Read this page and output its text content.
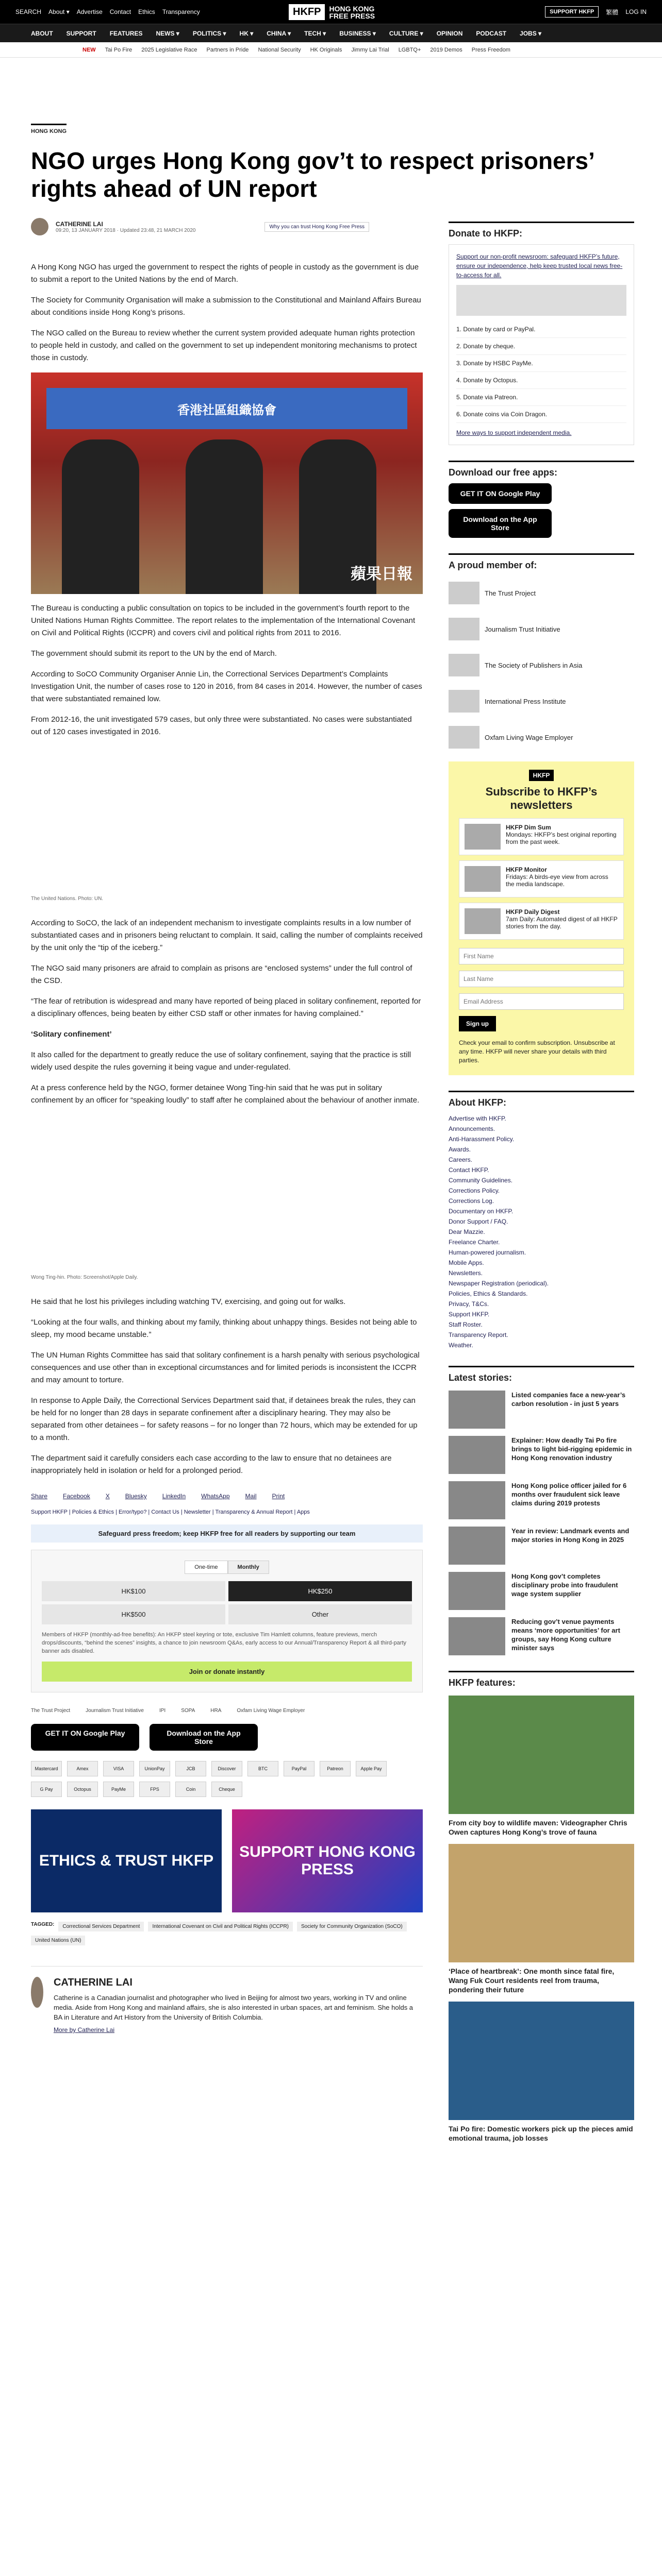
SEARCH About ▾ Advertise Contact Ethics Transparency	HKFP	HONG KONG
FREE PRESS	SUPPORT HKFP	繁體 LOG IN
ABOUT SUPPORT FEATURES NEWS ▾ POLITICS ▾ HK ▾ CHINA ▾ TECH ▾ BUSINESS ▾ CULTURE ▾ OPINION PODCAST JOBS ▾
NEW Tai Po Fire 2025 Legislative Race Partners in Pride National Security HK Originals Jimmy Lai Trial LGBTQ+ 2019 Demos Press Freedom
HONG KONG
NGO urges Hong Kong gov’t to respect prisoners’ rights ahead of UN report
CATHERINE LAI
09:20, 13 JANUARY 2018 · Updated 23:48, 21 MARCH 2020
Why you can trust Hong Kong Free Press

A Hong Kong NGO has urged the government to respect the rights of people in custody as the government is due to submit a report to the United Nations by the end of March.

The Society for Community Organisation will make a submission to the Constitutional and Mainland Affairs Bureau about conditions inside Hong Kong’s prisons.

The NGO called on the Bureau to review whether the current system provided adequate human rights protection to people held in custody, and called on the government to set up independent monitoring mechanisms to protect those in custody.

香港社區組織協會
蘋果日報

The Bureau is conducting a public consultation on topics to be included in the government’s fourth report to the United Nations Human Rights Committee. The report relates to the implementation of the International Covenant on Civil and Political Rights (ICCPR) and covers civil and political rights from 2011 to 2016.

The government should submit its report to the UN by the end of March.

According to SoCO Community Organiser Annie Lin, the Correctional Services Department’s Complaints Investigation Unit, the number of cases rose to 120 in 2016, from 84 cases in 2014. However, the number of cases that were substantiated remained low.

From 2012-16, the unit investigated 579 cases, but only three were substantiated. No cases were substantiated out of 120 cases investigated in 2016.

The United Nations. Photo: UN.

According to SoCO, the lack of an independent mechanism to investigate complaints results in a low number of substantiated cases and in prisoners being reluctant to complain. It said, calling the number of complaints received by the unit only the “tip of the iceberg.”

The NGO said many prisoners are afraid to complain as prisons are “enclosed systems” under the full control of the CSD.

“The fear of retribution is widespread and many have reported of being placed in solitary confinement, reported for a disciplinary offences, being beaten by either CSD staff or other inmates for having complained.”

‘Solitary confinement’

It also called for the department to greatly reduce the use of solitary confinement, saying that the practice is still widely used despite the rules governing it being vague and under-regulated.

At a press conference held by the NGO, former detainee Wong Ting-hin said that he was put in solitary confinement by an officer for “speaking loudly” to staff after he complained about the behaviour of another inmate.

Wong Ting-hin. Photo: Screenshot/Apple Daily.

He said that he lost his privileges including watching TV, exercising, and going out for walks.

“Looking at the four walls, and thinking about my family, thinking about unhappy things. Besides not being able to sleep, my mood became unstable.”

The UN Human Rights Committee has said that solitary confinement is a harsh penalty with serious psychological consequences and use other than in exceptional circumstances and for limited periods is inconsistent the ICCPR and may amount to torture.

In response to Apple Daily, the Correctional Services Department said that, if detainees break the rules, they can be held for no longer than 28 days in separate confinement after a disciplinary hearing. They may also be separated from other detainees – for safety reasons – for no longer than 72 hours, which may be extended for up to a month.

The department said it carefully considers each case according to the law to ensure that no detainees are inappropriately held in isolation or held for a prolonged period.

Share	Facebook	X	Bluesky	LinkedIn	WhatsApp	Mail	Print
Support HKFP | Policies & Ethics | Error/typo? | Contact Us | Newsletter | Transparency & Annual Report | Apps
Safeguard press freedom; keep HKFP free for all readers by supporting our team
One-time	Monthly
HK$100	HK$250
HK$500	Other

Members of HKFP (monthly-ad-free benefits): An HKFP steel keyring or tote, exclusive Tim Hamlett columns, feature previews, merch drops/discounts, “behind the scenes” insights, a chance to join newsroom Q&As, early access to our Annual/Transparency Report & all third-party banner ads disabled.

Join or donate instantly
The Trust Project	Journalism Trust Initiative	IPI	SOPA	HRA	Oxfam Living Wage Employer
GET IT ON Google Play	Download on the App Store
Mastercard	Amex	VISA	UnionPay	JCB	Discover	BTC	PayPal	Patreon	Apple Pay
G Pay	Octopus	PayMe	FPS	Coin	Cheque
ETHICS & TRUST HKFP
SUPPORT HONG KONG PRESS
TAGGED:	Correctional Services Department	International Covenant on Civil and Political Rights (ICCPR)	Society for Community Organization (SoCO)
United Nations (UN)
CATHERINE LAI

Catherine is a Canadian journalist and photographer who lived in Beijing for almost two years, working in TV and online media. Aside from Hong Kong and mainland affairs, she is also interested in urban spaces, art and feminism. She holds a BA in Literature and Art History from the University of British Columbia.

More by Catherine Lai

Donate to HKFP:

Support our non-profit newsroom: safeguard HKFP’s future, ensure our independence, help keep trusted local news free-to-access for all.

1. Donate by card or PayPal.
2. Donate by cheque.
3. Donate by HSBC PayMe.
4. Donate by Octopus.
5. Donate via Patreon.
6. Donate coins via Coin Dragon.

More ways to support independent media.

Download our free apps:
GET IT ON Google Play
Download on the App Store
A proud member of:
The Trust Project
Journalism Trust Initiative
The Society of Publishers in Asia
International Press Institute
Oxfam Living Wage Employer
HKFP
Subscribe to HKFP’s newsletters
HKFP Dim Sum
Mondays: HKFP’s best original reporting from the past week.
HKFP Monitor
Fridays: A birds-eye view from across the media landscape.
HKFP Daily Digest
7am Daily: Automated digest of all HKFP stories from the day.
First Name Last Name Email Address Sign up

Check your email to confirm subscription. Unsubscribe at any time. HKFP will never share your details with third parties.

About HKFP:
Advertise with HKFP.
Announcements.
Anti-Harassment Policy.
Awards.
Careers.
Contact HKFP.
Community Guidelines.
Corrections Policy.
Corrections Log.
Documentary on HKFP.
Donor Support / FAQ.
Dear Mazzie.
Freelance Charter.
Human-powered journalism.
Mobile Apps.
Newsletters.
Newspaper Registration (periodical).
Policies, Ethics & Standards.
Privacy, T&Cs.
Support HKFP.
Staff Roster.
Transparency Report.
Weather.
Latest stories:
Listed companies face a new-year’s carbon resolution - in just 5 years
Explainer: How deadly Tai Po fire brings to light bid-rigging epidemic in Hong Kong renovation industry
Hong Kong police officer jailed for 6 months over fraudulent sick leave claims during 2019 protests
Year in review: Landmark events and major stories in Hong Kong in 2025
Hong Kong gov’t completes disciplinary probe into fraudulent wage system supplier
Reducing gov’t venue payments means ‘more opportunities’ for art groups, say Hong Kong culture minister says
HKFP features:
From city boy to wildlife maven: Videographer Chris Owen captures Hong Kong’s trove of fauna
‘Place of heartbreak’: One month since fatal fire, Wang Fuk Court residents reel from trauma, pondering their future
Tai Po fire: Domestic workers pick up the pieces amid emotional trauma, job losses
